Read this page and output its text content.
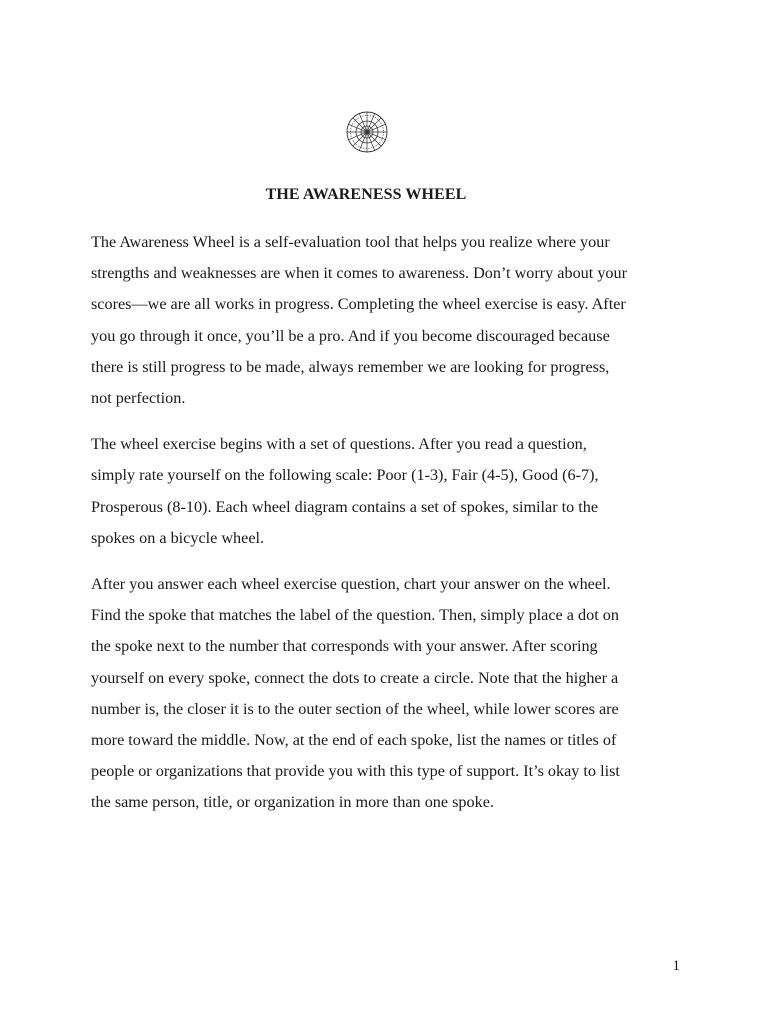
THE AWARENESS WHEEL

The Awareness Wheel is a self-evaluation tool that helps you realize where your
strengths and weaknesses are when it comes to awareness. Don’t worry about your
scores—we are all works in progress. Completing the wheel exercise is easy. After
you go through it once, you’ll be a pro. And if you become discouraged because
there is still progress to be made, always remember we are looking for progress,
not perfection.

The wheel exercise begins with a set of questions. After you read a question,
simply rate yourself on the following scale: Poor (1-3), Fair (4-5), Good (6-7),
Prosperous (8-10). Each wheel diagram contains a set of spokes, similar to the
spokes on a bicycle wheel.

After you answer each wheel exercise question, chart your answer on the wheel.
Find the spoke that matches the label of the question. Then, simply place a dot on
the spoke next to the number that corresponds with your answer. After scoring
yourself on every spoke, connect the dots to create a circle. Note that the higher a
number is, the closer it is to the outer section of the wheel, while lower scores are
more toward the middle. Now, at the end of each spoke, list the names or titles of
people or organizations that provide you with this type of support. It’s okay to list
the same person, title, or organization in more than one spoke.

1
